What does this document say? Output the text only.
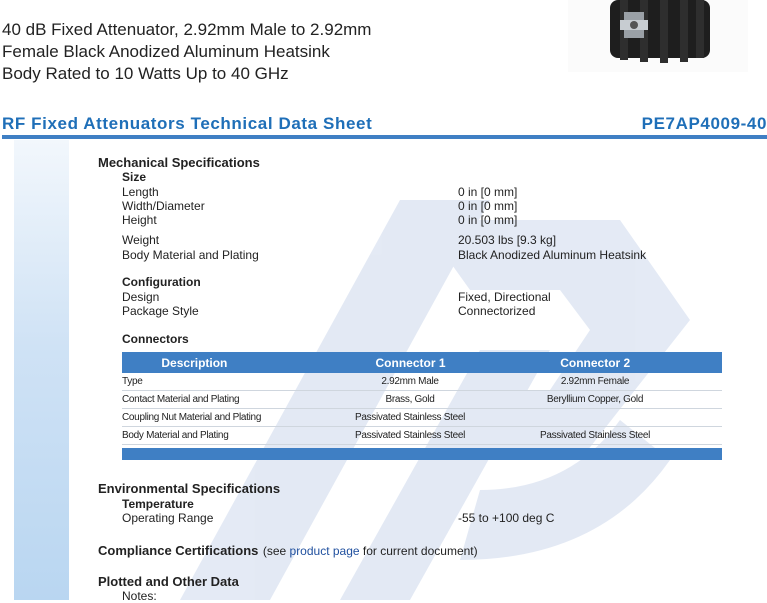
40 dB Fixed Attenuator, 2.92mm Male to 2.92mm
Female Black Anodized Aluminum Heatsink
Body Rated to 10 Watts Up to 40 GHz
RF Fixed Attenuators Technical Data Sheet	PE7AP4009-40
Mechanical Specifications
Size
Length	0 in [0 mm]
Width/Diameter	0 in [0 mm]
Height	0 in [0 mm]
Weight	20.503 lbs [9.3 kg]
Body Material and Plating	Black Anodized Aluminum Heatsink
Configuration
Design	Fixed, Directional
Package Style	Connectorized
Connectors
Description	Connector 1	Connector 2
Type	2.92mm Male	2.92mm Female
Contact Material and Plating	Brass, Gold	Beryllium Copper, Gold
Coupling Nut Material and Plating	Passivated Stainless Steel
Body Material and Plating	Passivated Stainless Steel	Passivated Stainless Steel
Environmental Specifications
Temperature
Operating Range	-55 to +100 deg C
Compliance Certifications (see product page for current document)
Plotted and Other Data
Notes:
